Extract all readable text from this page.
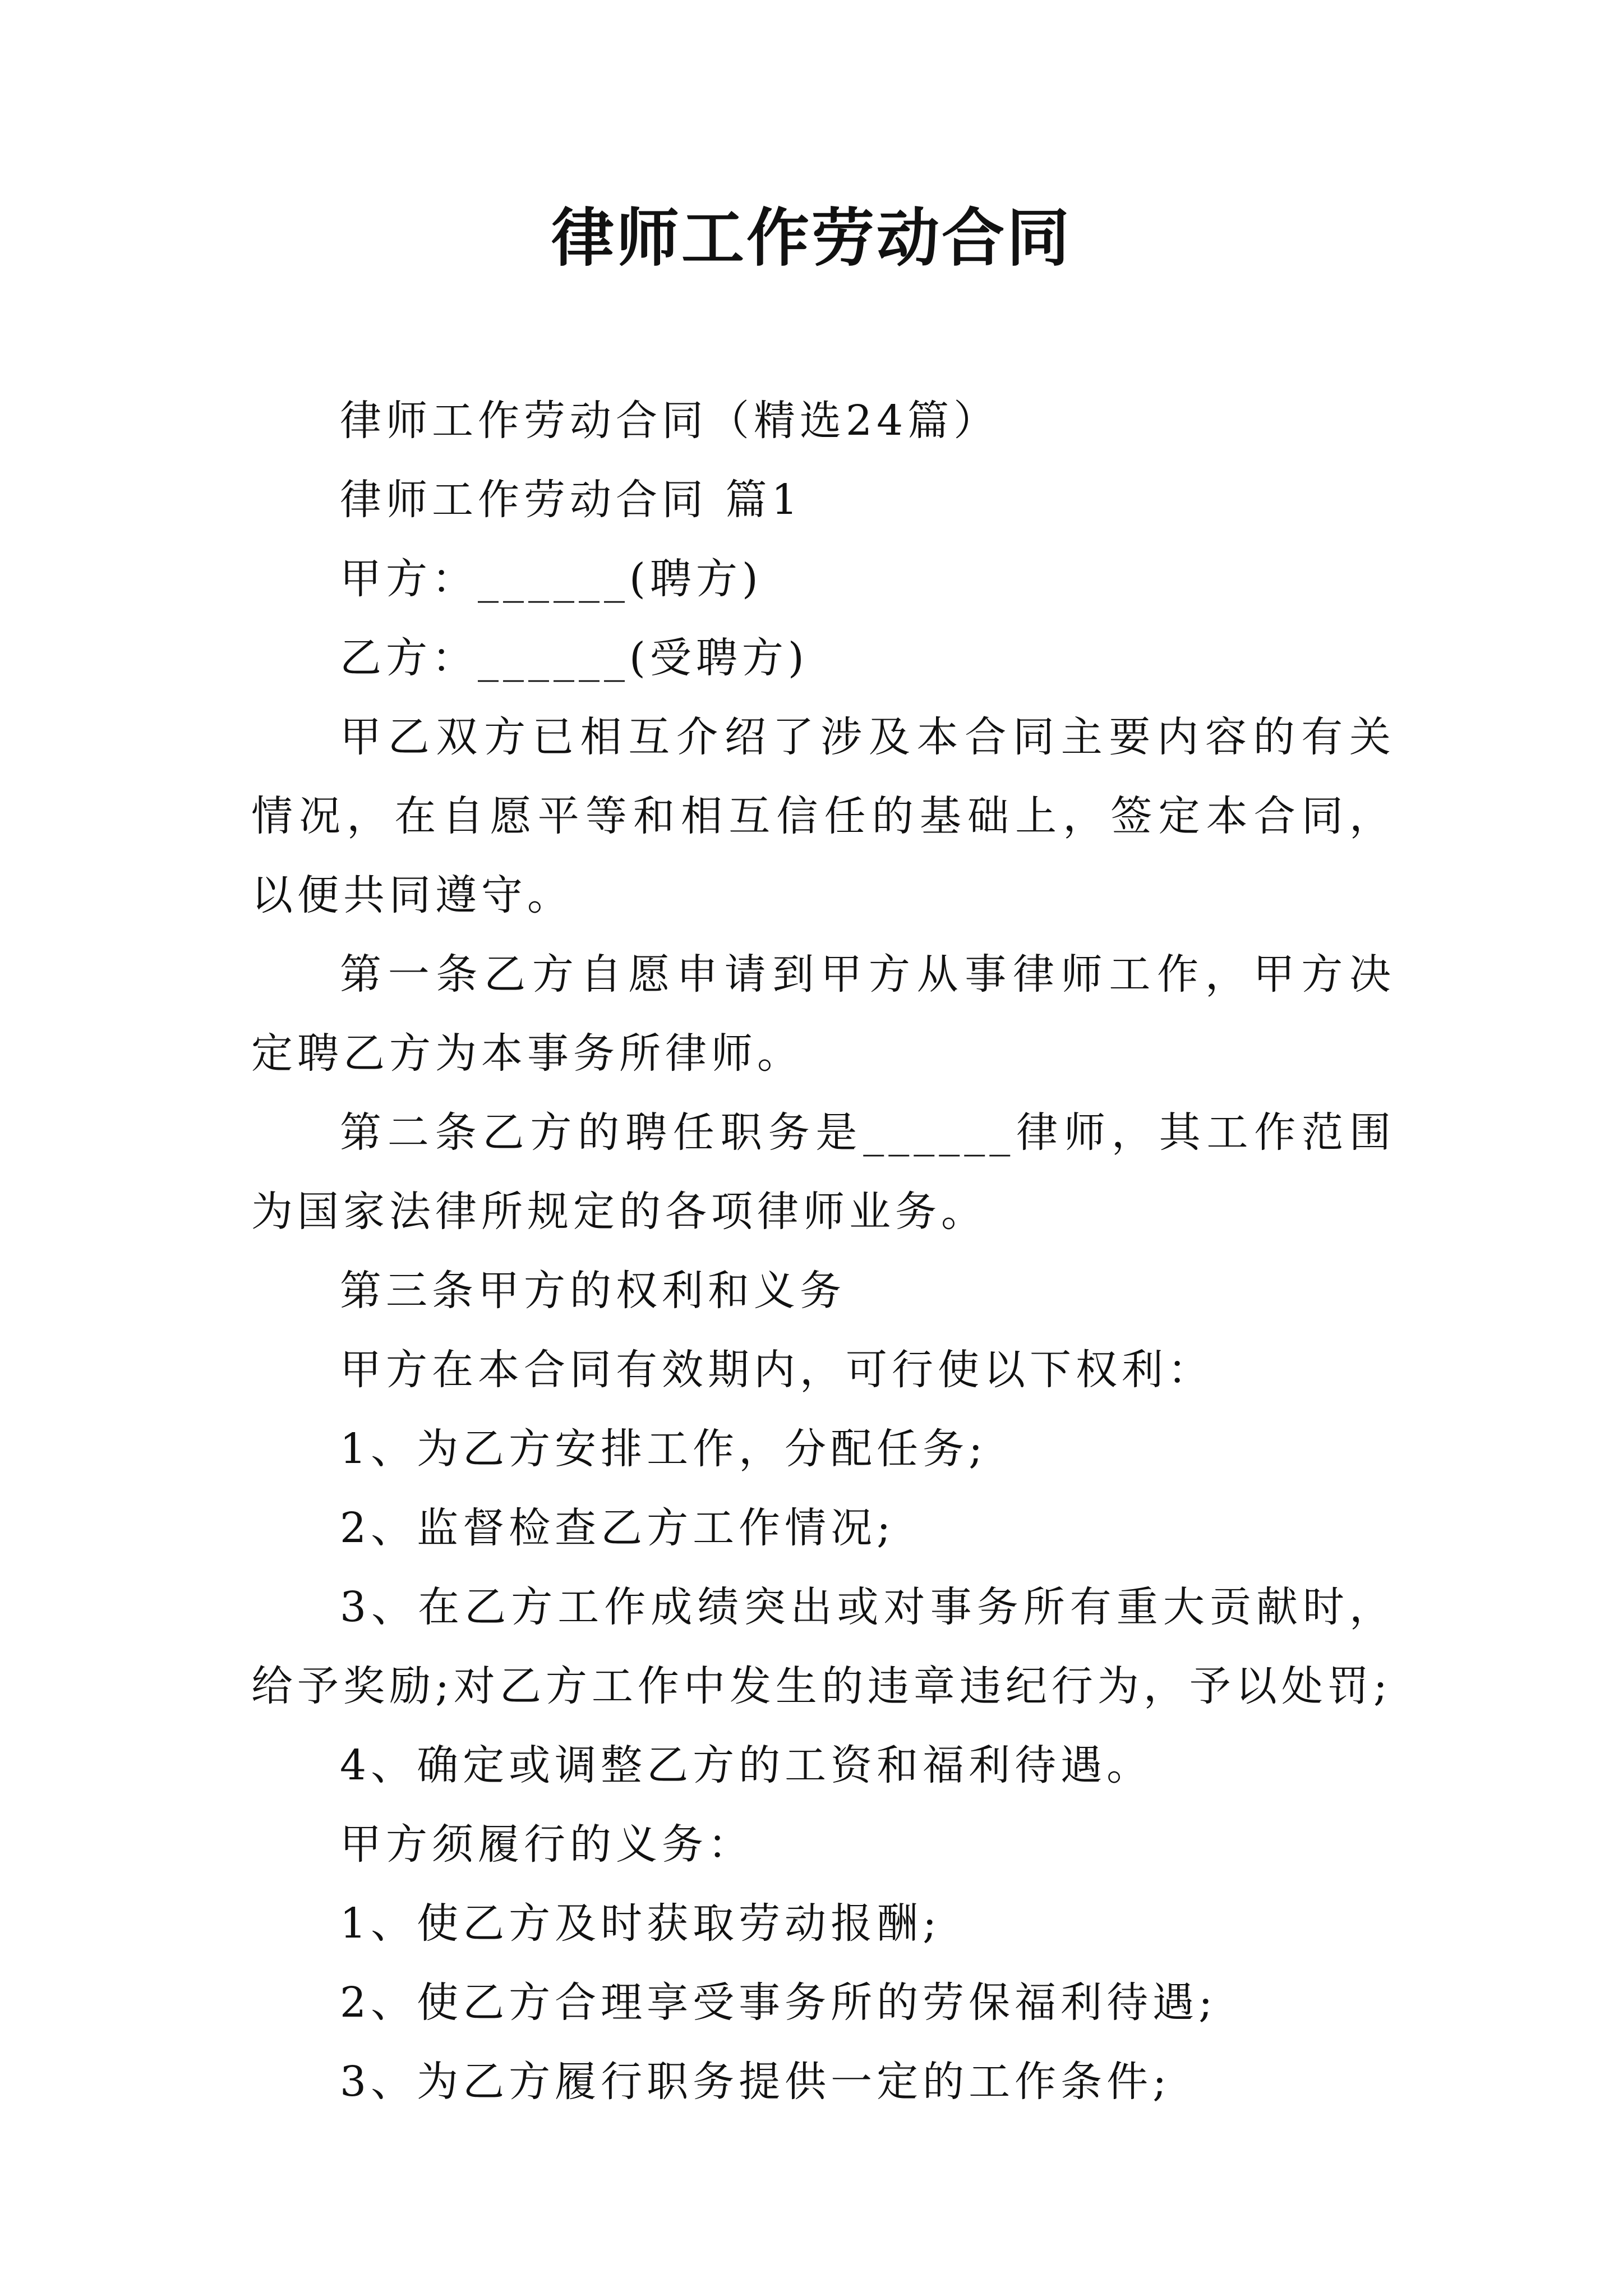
律师工作劳动合同

律师工作劳动合同（精选24篇）

律师工作劳动合同 篇1

甲方：______(聘方)

乙方：______(受聘方)

甲乙双方已相互介绍了涉及本合同主要内容的有关情况，在自愿平等和相互信任的基础上，签定本合同，以便共同遵守。

第一条乙方自愿申请到甲方从事律师工作，甲方决定聘乙方为本事务所律师。

第二条乙方的聘任职务是______律师，其工作范围为国家法律所规定的各项律师业务。

第三条甲方的权利和义务

甲方在本合同有效期内，可行使以下权利：

1、为乙方安排工作，分配任务;

2、监督检查乙方工作情况;

3、在乙方工作成绩突出或对事务所有重大贡献时，给予奖励;对乙方工作中发生的违章违纪行为，予以处罚;

4、确定或调整乙方的工资和福利待遇。

甲方须履行的义务：

1、使乙方及时获取劳动报酬;

2、使乙方合理享受事务所的劳保福利待遇;

3、为乙方履行职务提供一定的工作条件;
